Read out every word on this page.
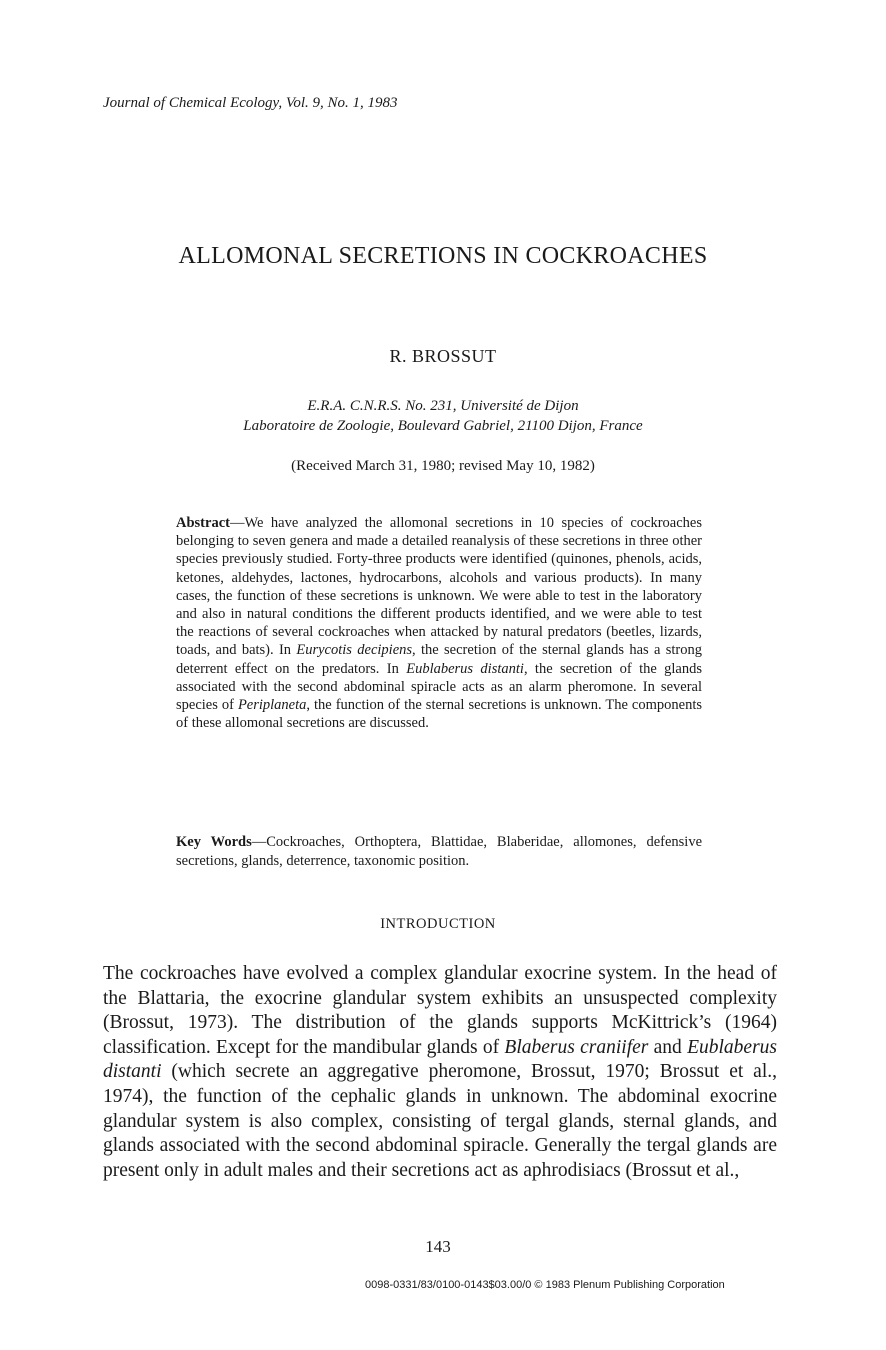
Journal of Chemical Ecology, Vol. 9, No. 1, 1983
ALLOMONAL SECRETIONS IN COCKROACHES
R. BROSSUT
E.R.A. C.N.R.S. No. 231, Université de Dijon
Laboratoire de Zoologie, Boulevard Gabriel, 21100 Dijon, France
(Received March 31, 1980; revised May 10, 1982)
Abstract—We have analyzed the allomonal secretions in 10 species of cockroaches belonging to seven genera and made a detailed reanalysis of these secretions in three other species previously studied. Forty-three products were identified (quinones, phenols, acids, ketones, aldehydes, lactones, hydrocarbons, alcohols and various products). In many cases, the function of these secretions is unknown. We were able to test in the laboratory and also in natural conditions the different products identified, and we were able to test the reactions of several cockroaches when attacked by natural predators (beetles, lizards, toads, and bats). In Eurycotis decipiens, the secretion of the sternal glands has a strong deterrent effect on the predators. In Eublaberus distanti, the secretion of the glands associated with the second abdominal spiracle acts as an alarm pheromone. In several species of Periplaneta, the function of the sternal secretions is unknown. The components of these allomonal secretions are discussed.
Key Words—Cockroaches, Orthoptera, Blattidae, Blaberidae, allomones, defensive secretions, glands, deterrence, taxonomic position.
INTRODUCTION
The cockroaches have evolved a complex glandular exocrine system. In the head of the Blattaria, the exocrine glandular system exhibits an unsuspected complexity (Brossut, 1973). The distribution of the glands supports McKittrick’s (1964) classification. Except for the mandibular glands of Blaberus craniifer and Eublaberus distanti (which secrete an aggregative pheromone, Brossut, 1970; Brossut et al., 1974), the function of the cephalic glands in unknown. The abdominal exocrine glandular system is also complex, consisting of tergal glands, sternal glands, and glands associated with the second abdominal spiracle. Generally the tergal glands are present only in adult males and their secretions act as aphrodisiacs (Brossut et al.,
143
0098-0331/83/0100-0143$03.00/0 © 1983 Plenum Publishing Corporation
